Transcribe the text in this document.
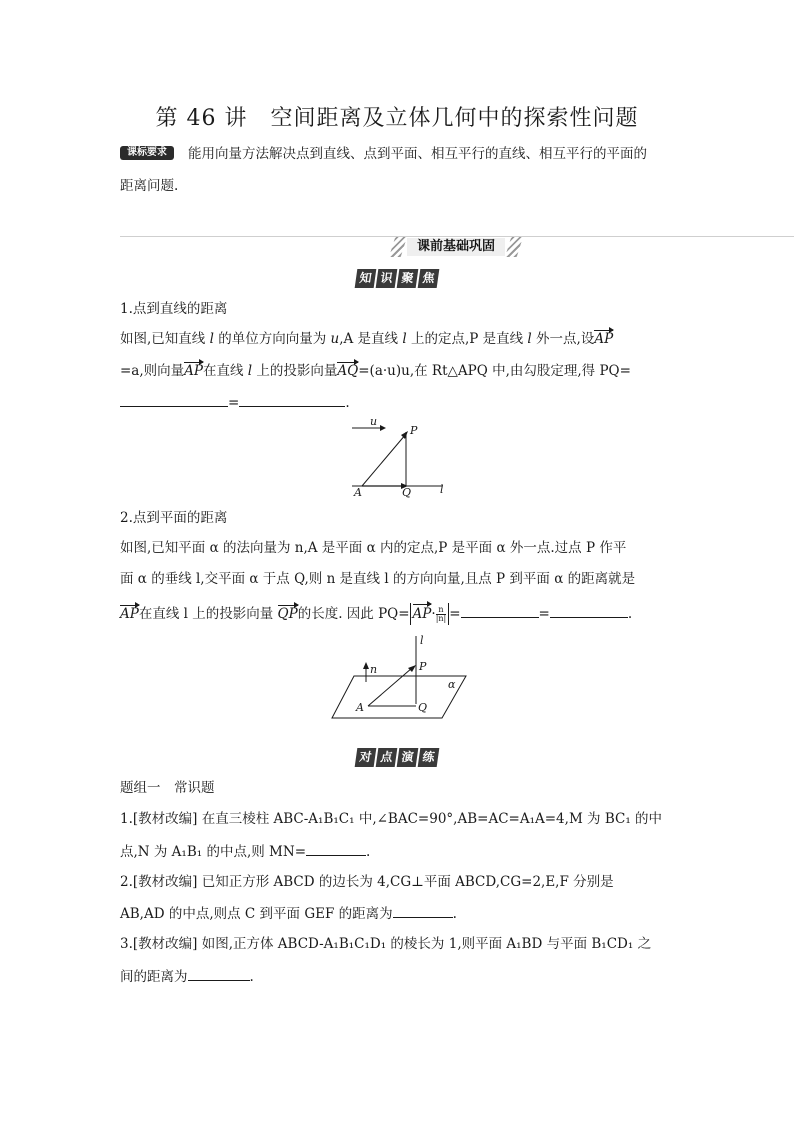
第 46 讲　空间距离及立体几何中的探索性问题
课标要求	能用向量方法解决点到直线、点到平面、相互平行的直线、相互平行的平面的
距离问题.
课前基础巩固
知 识 聚 焦
1.点到直线的距离
如图,已知直线 l 的单位方向向量为 u,A 是直线 l 上的定点,P 是直线 l 外一点,设AP
=a,则向量AP在直线 l 上的投影向量AQ=(a·u)u,在 Rt△APQ 中,由勾股定理,得 PQ=
=	.
u
l
P
A	Q
2.点到平面的距离
如图,已知平面 α 的法向量为 n,A 是平面 α 内的定点,P 是平面 α 外一点.过点 P 作平
面 α 的垂线 l,交平面 α 于点 Q,则 n 是直线 l 的方向向量,且点 P 到平面 α 的距离就是
AP在直线 l 上的投影向量 QP的长度. 因此 $PQ= AP\cdot \frac{n}{|n|}$ =	=	.
α
l
n	P
A	Q
对 点 演 练
题组一　常识题
1.[教材改编] 在直三棱柱 ABC-A₁B₁C₁ 中,∠BAC=90°,AB=AC=A₁A=4,M 为 BC₁ 的中
点,N 为 A₁B₁ 的中点,则 MN=	.
2.[教材改编] 已知正方形 ABCD 的边长为 4,CG⊥平面 ABCD,CG=2,E,F 分别是
AB,AD 的中点,则点 C 到平面 GEF 的距离为	.
3.[教材改编] 如图,正方体 ABCD-A₁B₁C₁D₁ 的棱长为 1,则平面 A₁BD 与平面 B₁CD₁ 之
间的距离为	.
